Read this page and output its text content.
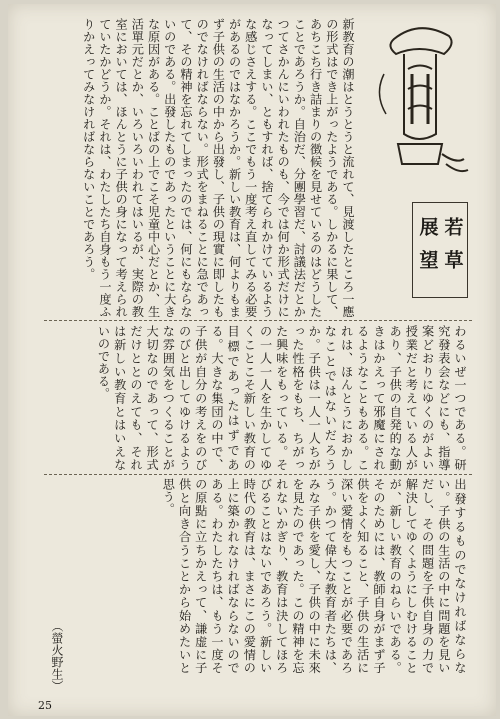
若草
展望
新教育の潮はとうとうと流れて、見渡したところ一應の形式はでき上がったようである。しかるに果して、あちこち行き詰まりの徴候を見せているのはどうしたことであろうか。自治だ、分團學習だ、討議法だとかつてさかんにいわれたものも、今では何か形式だけになってしまい、ともすれば、捨てられかけているような感じさえする。ここでもう一度考え直してみる必要があるのではなかろうか。新しい教育は、何よりもまず子供の生活の中から出發し、子供の現實に即したものでなければならない。形式をまねることに急であって、その精神を忘れてしまったのでは、何にもならないのである。出發したものであったということに大きな原因がある。ことばの上でこそ児童中心だとか、生活單元だとか、いろいろいわれてはいるが、実際の教室においては、ほんとうに子供の身になって考えられていたかどうか。それは、わたしたち自身もう一度ふりかえってみなければならないことであろう。
わるいぜ一つである。研究發表会などにも、指導案どおりにゆくのがよい授業だと考えている人があり、子供の自発的な動きはかえって邪魔にされるようなこともある。これは、ほんとうにおかしなことではないだろうか。子供は一人一人ちがった性格をもち、ちがった興味をもっている。その一人一人を生かしてゆくことこそ新しい教育の目標であったはずである。大きな集団の中で、子供が自分の考えをのびのびと出してゆけるような雰囲気をつくることが大切なのであって、形式だけととのえても、それは新しい教育とはいえないのである。
出發するものでなければならない。子供の生活の中に問題を見いだし、その問題を子供自身の力で解決してゆくようにしむけることが、新しい教育のねらいである。そのためには、教師自身がまず子供をよく知ること、子供の生活に深い愛情をもつことが必要であろう。かつて偉大な教育者たちは、みな子供を愛し、子供の中に未來を見たのであった。この精神を忘れないかぎり、教育は決してほろびることはないであろう。新しい時代の教育は、まさにこの愛情の上に築かれなければならないのである。わたしたちは、もう一度その原點に立ちかえって、謙虚に子供と向き合うことから始めたいと思う。
（螢火野生）
25
